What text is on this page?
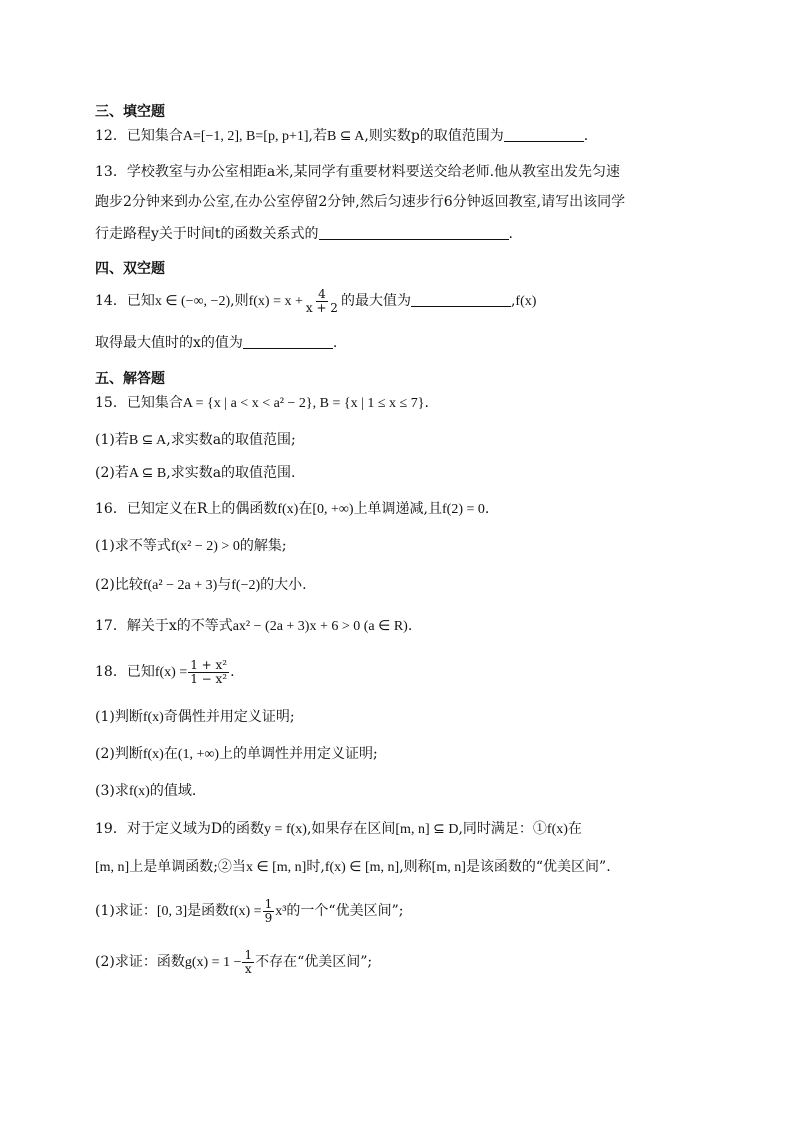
三、填空题
12．已知集合A=[−1, 2], B=[p, p+1],若B ⊆ A,则实数p的取值范围为	.
13．学校教室与办公室相距a米,某同学有重要材料要送交给老师.他从教室出发先匀速
跑步2分钟来到办公室,在办公室停留2分钟,然后匀速步行6分钟返回教室,请写出该同学
行走路程y关于时间t的函数关系式的	.
四、双空题
14．已知x ∈ (−∞, −2),则$f(x) = x + \frac{4}{x + 2}$ 的最大值为	,f(x)
取得最大值时的x的值为	.
五、解答题
15．已知集合A = {x | a < x < a² − 2}, B = {x | 1 ≤ x ≤ 7}.
(1)若B ⊆ A,求实数a的取值范围;
(2)若A ⊆ B,求实数a的取值范围.
16．已知定义在R上的偶函数f(x)在[0, +∞)上单调递减,且f(2) = 0.
(1)求不等式f(x² − 2) > 0的解集;
(2)比较f(a² − 2a + 3)与f(−2)的大小.
17．解关于x的不等式ax² − (2a + 3)x + 6 > 0 (a ∈ R).
18．已知$f(x) = \frac{\text{1 + x²}}{\text{1 − x²}}$ .
(1)判断f(x)奇偶性并用定义证明;
(2)判断f(x)在(1, +∞)上的单调性并用定义证明;
(3)求f(x)的值域.
19．对于定义域为D的函数y = f(x),如果存在区间[m, n] ⊆ D,同时满足：①f(x)在
[m, n]上是单调函数;②当x ∈ [m, n]时,f(x) ∈ [m, n],则称[m, n]是该函数的“优美区间”.
(1)求证：[0, 3]是函数$f(x) = \frac{1}{9} x^3$的一个“优美区间”;
(2)求证：函数$g(x) = 1 - \frac{1}{x}$ 不存在“优美区间”;
